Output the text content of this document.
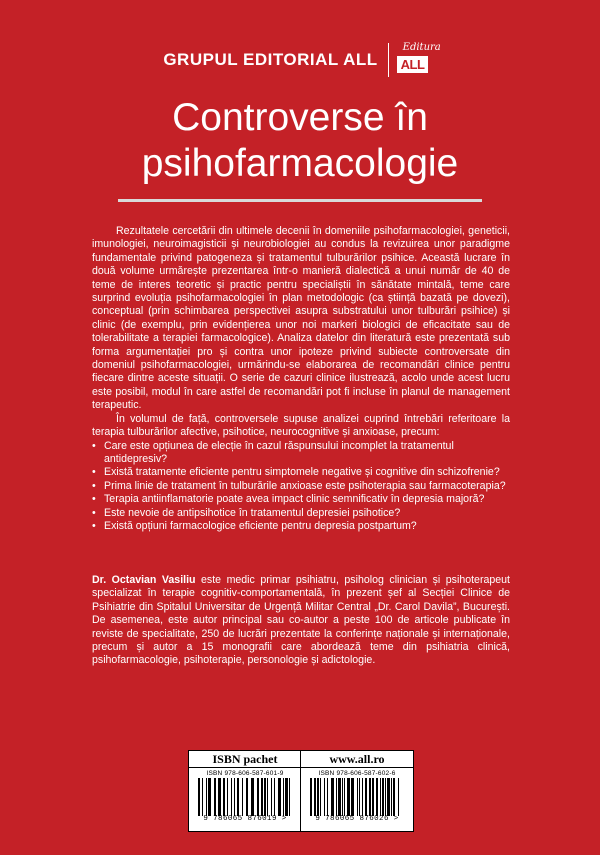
GRUPUL EDITORIAL ALL
Editura
ALL
Controverse în
psihofarmacologie

Rezultatele cercetării din ultimele decenii în domeniile psihofarmacologiei, geneticii, imunologiei, neuroimagisticii și neurobiologiei au condus la revizuirea unor paradigme fundamentale privind patogeneza și tratamentul tulburărilor psihice. Această lucrare în două volume urmărește prezentarea într-o manieră dialectică a unui număr de 40 de teme de interes teoretic și practic pentru specialiștii în sănătate mintală, teme care surprind evoluția psihofarmacologiei în plan metodologic (ca știință bazată pe dovezi), conceptual (prin schimbarea perspectivei asupra substratului unor tulburări psihice) și clinic (de exemplu, prin evidențierea unor noi markeri biologici de eficacitate sau de tolerabilitate a terapiei farmacologice). Analiza datelor din literatură este prezentată sub forma argumentației pro și contra unor ipoteze privind subiecte controversate din domeniul psihofarmacologiei, urmărindu-se elaborarea de recomandări clinice pentru fiecare dintre aceste situații. O serie de cazuri clinice ilustrează, acolo unde acest lucru este posibil, modul în care astfel de recomandări pot fi incluse în planul de management terapeutic.

În volumul de față, controversele supuse analizei cuprind întrebări referitoare la terapia tulburărilor afective, psihotice, neurocognitive și anxioase, precum:

• Care este opțiunea de elecție în cazul răspunsului incomplet la tratamentul antidepresiv?
• Există tratamente eficiente pentru simptomele negative și cognitive din schizofrenie?
• Prima linie de tratament în tulburările anxioase este psihoterapia sau farmacoterapia?
• Terapia antiinflamatorie poate avea impact clinic semnificativ în depresia majoră?
• Este nevoie de antipsihotice în tratamentul depresiei psihotice?
• Există opțiuni farmacologice eficiente pentru depresia postpartum?
Dr. Octavian Vasiliu este medic primar psihiatru, psiholog clinician și psihoterapeut specializat în terapie cognitiv-comportamentală, în prezent șef al Secției Clinice de Psihiatrie din Spitalul Universitar de Urgență Militar Central „Dr. Carol Davila”, București. De asemenea, este autor principal sau co-autor a peste 100 de articole publicate în reviste de specialitate, 250 de lucrări prezentate la conferințe naționale și internaționale, precum și autor a 15 monografii care abordează teme din psihiatria clinică, psihofarmacologie, psihoterapie, personologie și adictologie.
ISBN pachet
ISBN 978-606-587-601-9
9 786065 876019 >
www.all.ro
ISBN 978-606-587-602-6
9 786065 876026 >
